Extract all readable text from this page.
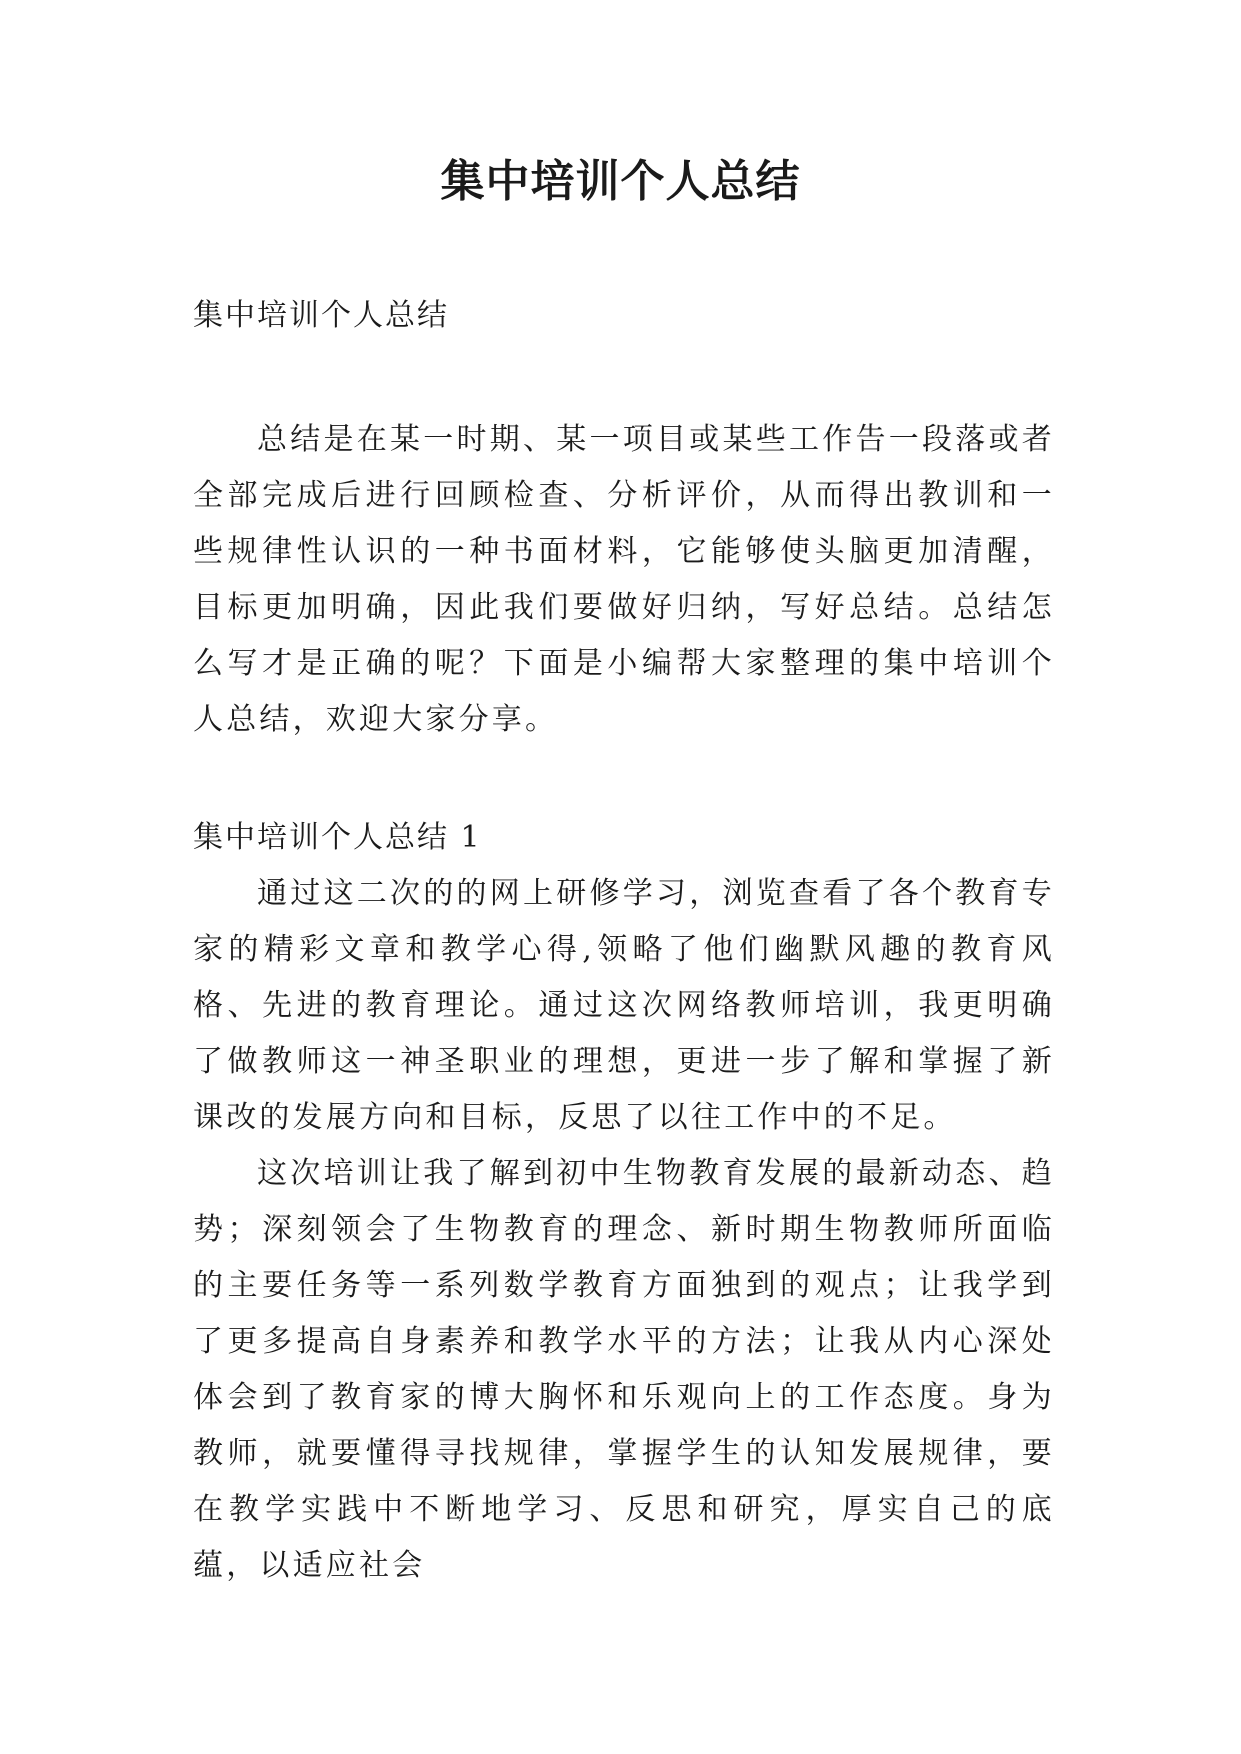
集中培训个人总结

集中培训个人总结

总结是在某一时期、某一项目或某些工作告一段落或者全部完成后进行回顾检查、分析评价，从而得出教训和一些规律性认识的一种书面材料，它能够使头脑更加清醒，目标更加明确，因此我们要做好归纳，写好总结。总结怎么写才是正确的呢？下面是小编帮大家整理的集中培训个人总结，欢迎大家分享。

集中培训个人总结 1

通过这二次的的网上研修学习，浏览查看了各个教育专家的精彩文章和教学心得,领略了他们幽默风趣的教育风格、先进的教育理论。通过这次网络教师培训，我更明确了做教师这一神圣职业的理想，更进一步了解和掌握了新课改的发展方向和目标，反思了以往工作中的不足。

这次培训让我了解到初中生物教育发展的最新动态、趋势；深刻领会了生物教育的理念、新时期生物教师所面临的主要任务等一系列数学教育方面独到的观点；让我学到了更多提高自身素养和教学水平的方法；让我从内心深处体会到了教育家的博大胸怀和乐观向上的工作态度。身为教师，就要懂得寻找规律，掌握学生的认知发展规律，要在教学实践中不断地学习、反思和研究，厚实自己的底蕴，以适应社会
